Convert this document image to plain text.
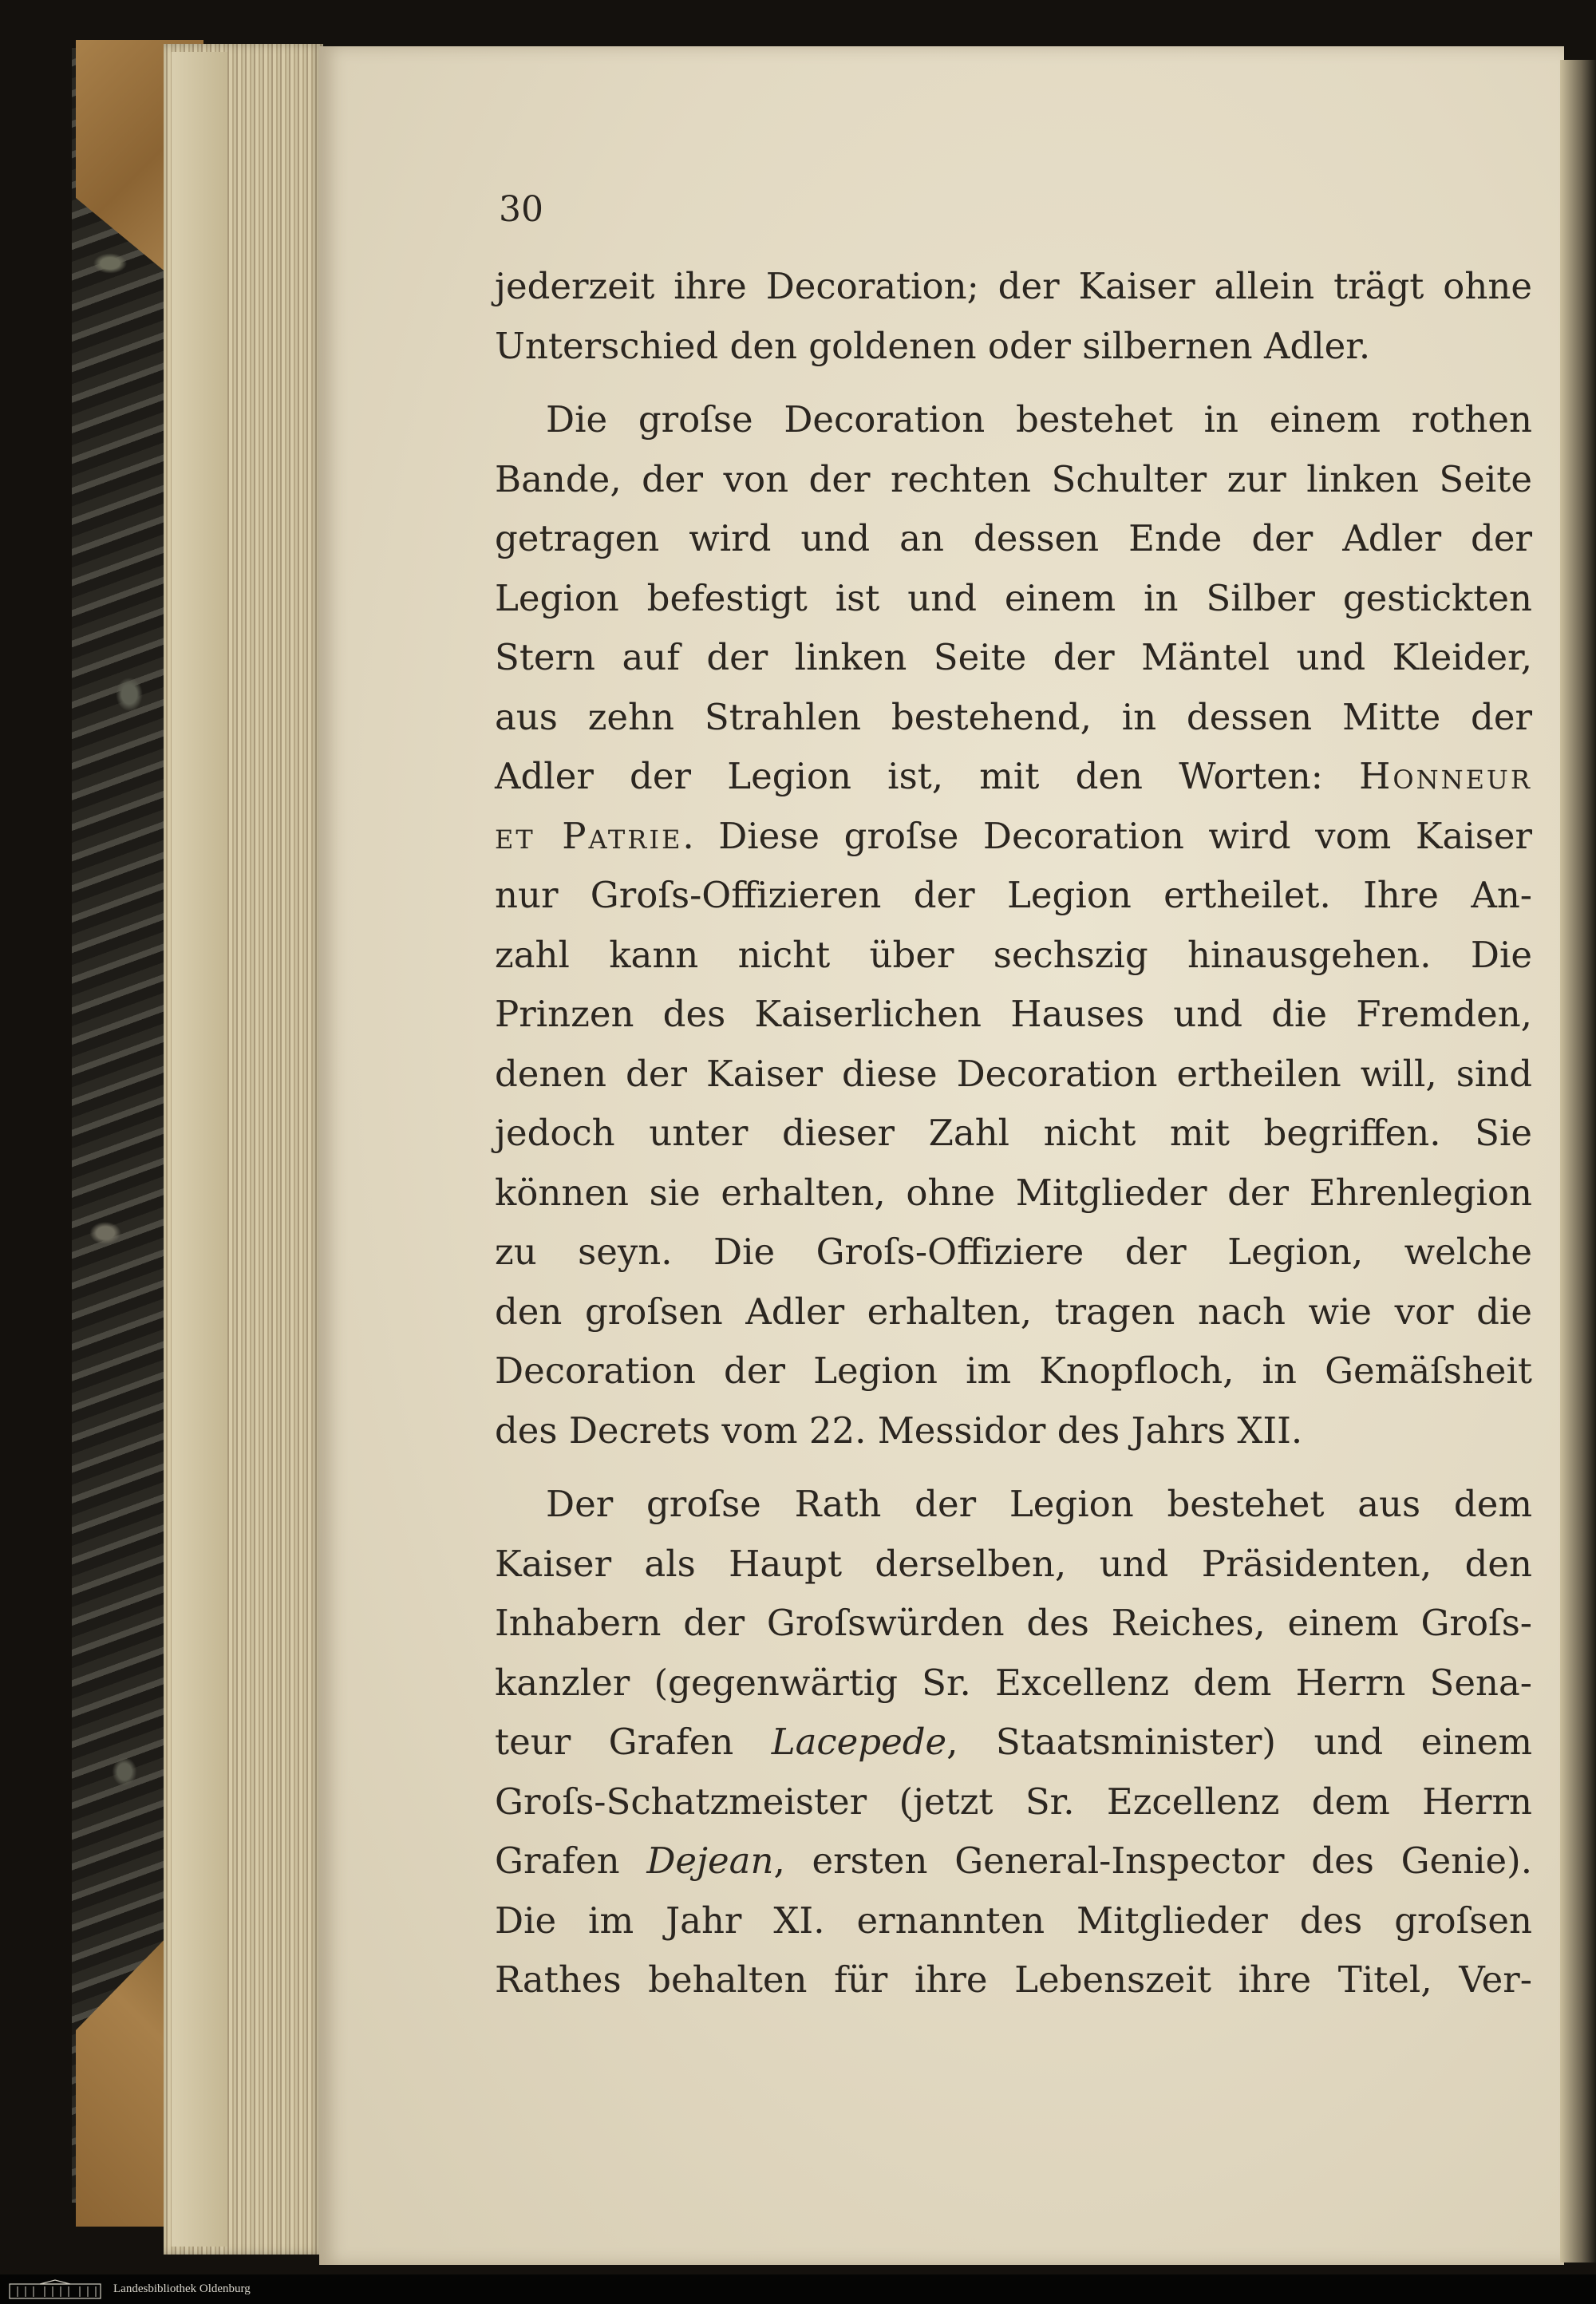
30
jederzeit ihre Decoration; der Kaiser allein trägt ohne
Unterschied den goldenen oder silbernen Adler.
Die groſse Decoration bestehet in einem rothen
Bande, der von der rechten Schulter zur linken Seite
getragen wird und an dessen Ende der Adler der
Legion befestigt ist und einem in Silber gestickten
Stern auf der linken Seite der Mäntel und Kleider,
aus zehn Strahlen bestehend, in dessen Mitte der
Adler der Legion ist, mit den Worten: Honneur
et Patrie. Diese groſse Decoration wird vom Kaiser
nur Groſs-Offizieren der Legion ertheilet. Ihre An-
zahl kann nicht über sechszig hinausgehen. Die
Prinzen des Kaiserlichen Hauses und die Fremden,
denen der Kaiser diese Decoration ertheilen will, sind
jedoch unter dieser Zahl nicht mit begriffen. Sie
können sie erhalten, ohne Mitglieder der Ehrenlegion
zu seyn. Die Groſs-Offiziere der Legion, welche
den groſsen Adler erhalten, tragen nach wie vor die
Decoration der Legion im Knopfloch, in Gemäſsheit
des Decrets vom 22. Messidor des Jahrs XII.
Der groſse Rath der Legion bestehet aus dem
Kaiser als Haupt derselben, und Präsidenten, den
Inhabern der Groſswürden des Reiches, einem Groſs-
kanzler (gegenwärtig Sr. Excellenz dem Herrn Sena-
teur Grafen Lacepede, Staatsminister) und einem
Groſs-Schatzmeister (jetzt Sr. Ezcellenz dem Herrn
Grafen Dejean, ersten General-Inspector des Genie).
Die im Jahr XI. ernannten Mitglieder des groſsen
Rathes behalten für ihre Lebenszeit ihre Titel, Ver-
Landesbibliothek Oldenburg
